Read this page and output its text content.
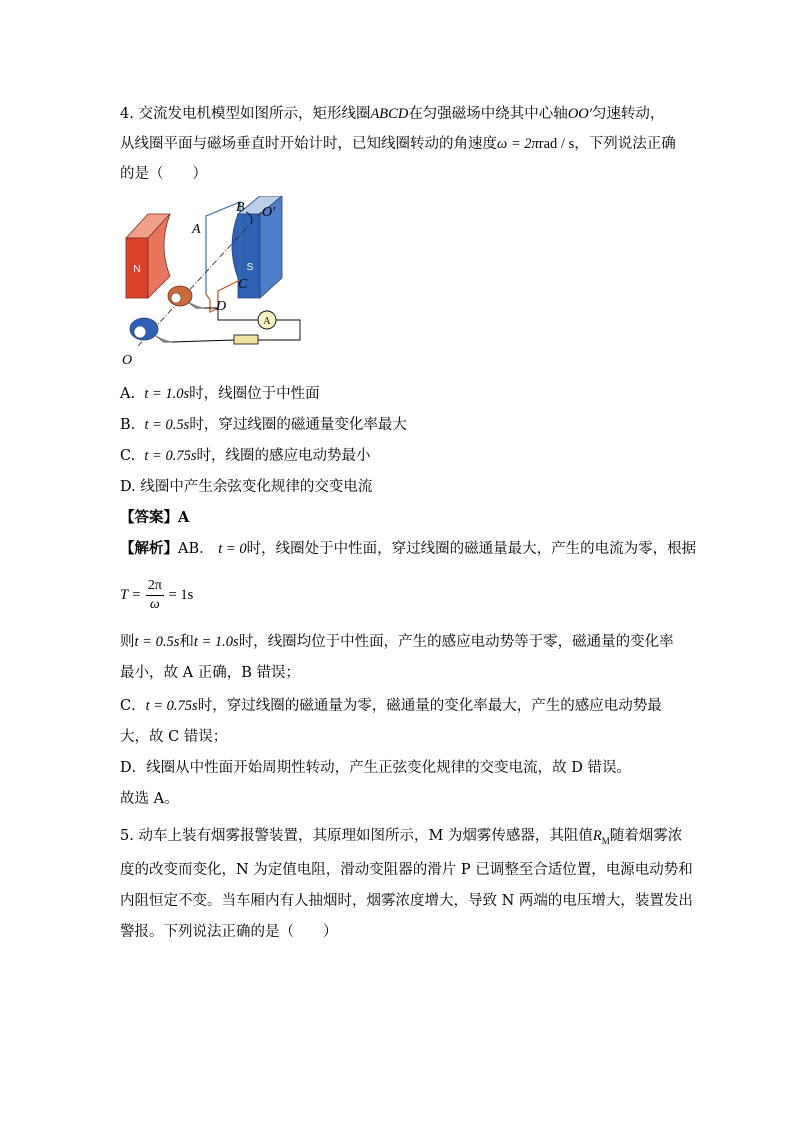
4. 交流发电机模型如图所示，矩形线圈ABCD在匀强磁场中绕其中心轴OO′匀速转动，
从线圈平面与磁场垂直时开始计时，已知线圈转动的角速度ω = 2πrad / s，下列说法正确
的是（　　）
N	S
A
A
B O′
C
D
O
A. t = 1.0s时，线圈位于中性面
B. t = 0.5s时，穿过线圈的磁通量变化率最大
C. t = 0.75s时，线圈的感应电动势最小
D. 线圈中产生余弦变化规律的交变电流
【答案】A
【解析】AB． t = 0时，线圈处于中性面，穿过线圈的磁通量最大，产生的电流为零，根据
$T = \frac{2\pi}{\omega} = 1s$
则t = 0.5s和t = 1.0s时，线圈均位于中性面，产生的感应电动势等于零，磁通量的变化率
最小，故 A 正确，B 错误；
C．t = 0.75s时，穿过线圈的磁通量为零，磁通量的变化率最大，产生的感应电动势最
大，故 C 错误；
D．线圈从中性面开始周期性转动，产生正弦变化规律的交变电流，故 D 错误。
故选 A。
5. 动车上装有烟雾报警装置，其原理如图所示，M 为烟雾传感器，其阻值$R_M$随着烟雾浓
度的改变而变化，N 为定值电阻，滑动变阻器的滑片 P 已调整至合适位置，电源电动势和
内阻恒定不变。当车厢内有人抽烟时，烟雾浓度增大，导致 N 两端的电压增大，装置发出
警报。下列说法正确的是（　　）
